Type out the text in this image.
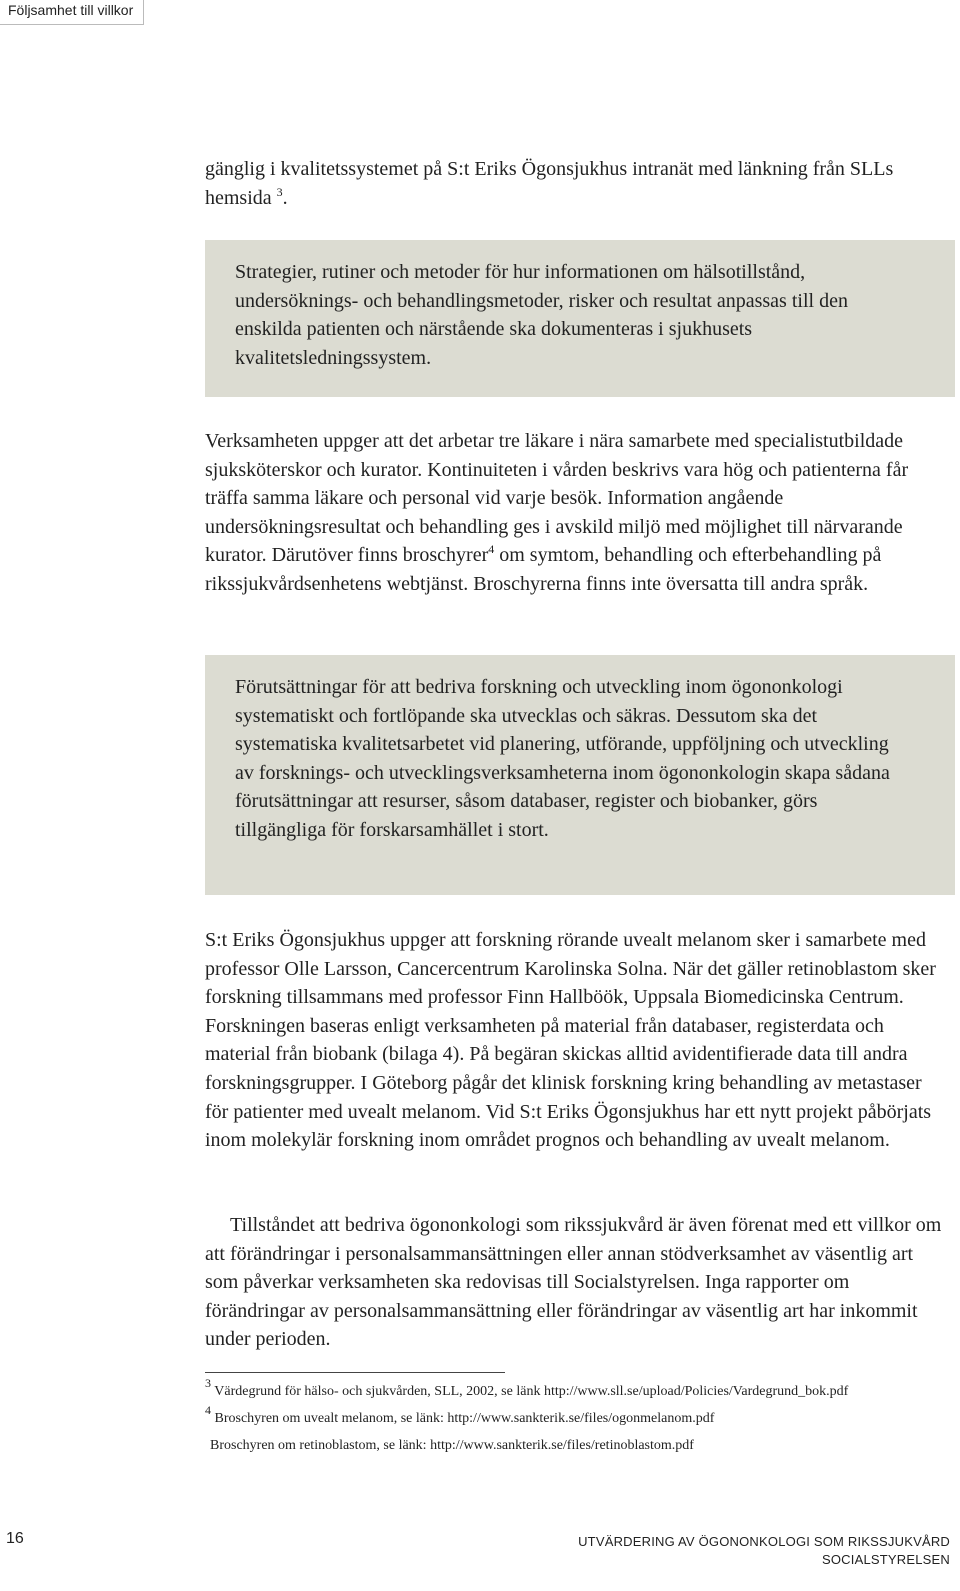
Följsamhet till villkor

gänglig i kvalitetssystemet på S:t Eriks Ögonsjukhus intranät med länkning från SLLs hemsida $^3$.

Strategier, rutiner och metoder för hur informationen om hälsotillstånd, undersöknings- och behandlingsmetoder, risker och resultat anpassas till den enskilda patienten och närstående ska dokumenteras i sjukhusets kvalitetsledningssystem.

Verksamheten uppger att det arbetar tre läkare i nära samarbete med specialistutbildade sjuksköterskor och kurator. Kontinuiteten i vården beskrivs vara hög och patienterna får träffa samma läkare och personal vid varje besök. Information angående undersökningsresultat och behandling ges i avskild miljö med möjlighet till närvarande kurator. Därutöver finns broschyrer$^4$ om symtom, behandling och efterbehandling på rikssjukvårdsenhetens webtjänst. Broschyrerna finns inte översatta till andra språk.

Förutsättningar för att bedriva forskning och utveckling inom ögononkologi systematiskt och fortlöpande ska utvecklas och säkras. Dessutom ska det systematiska kvalitetsarbetet vid planering, utförande, uppföljning och utveckling av forsknings- och utvecklingsverksamheterna inom ögononkologin skapa sådana förutsättningar att resurser, såsom databaser, register och biobanker, görs tillgängliga för forskarsamhället i stort.

S:t Eriks Ögonsjukhus uppger att forskning rörande uvealt melanom sker i samarbete med professor Olle Larsson, Cancercentrum Karolinska Solna. När det gäller retinoblastom sker forskning tillsammans med professor Finn Hallböök, Uppsala Biomedicinska Centrum. Forskningen baseras enligt verksamheten på material från databaser, registerdata och material från biobank (bilaga 4). På begäran skickas alltid avidentifierade data till andra forskningsgrupper. I Göteborg pågår det klinisk forskning kring behandling av metastaser för patienter med uvealt melanom. Vid S:t Eriks Ögonsjukhus har ett nytt projekt påbörjats inom molekylär forskning inom området prognos och behandling av uvealt melanom.

Tillståndet att bedriva ögononkologi som rikssjukvård är även förenat med ett villkor om att förändringar i personalsammansättningen eller annan stödverksamhet av väsentlig art som påverkar verksamheten ska redovisas till Socialstyrelsen. Inga rapporter om förändringar av personalsammansättning eller förändringar av väsentlig art har inkommit under perioden.

$^3$ Värdegrund för hälso- och sjukvården, SLL, 2002, se länk http://www.sll.se/upload/Policies/Vardegrund_bok.pdf

$^4$ Broschyren om uvealt melanom, se länk: http://www.sankterik.se/files/ogonmelanom.pdf

Broschyren om retinoblastom, se länk: http://www.sankterik.se/files/retinoblastom.pdf

16	UTVÄRDERING AV ÖGONONKOLOGI SOM RIKSSJUKVÅRD
SOCIALSTYRELSEN
